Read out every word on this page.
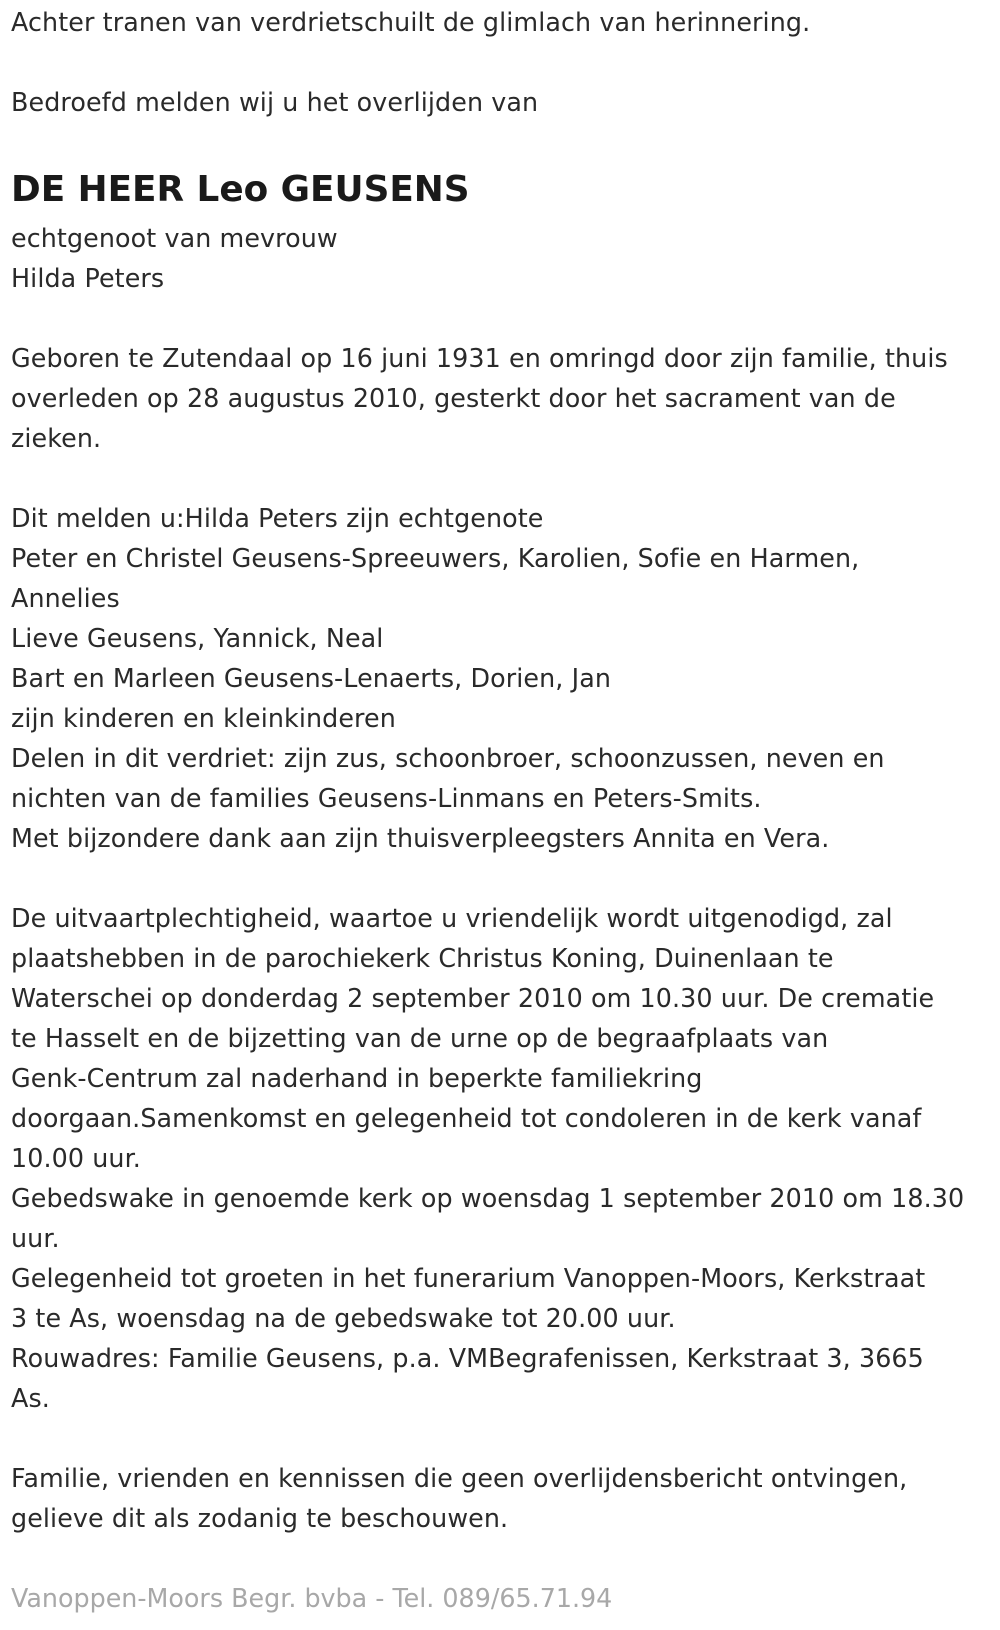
Achter tranen van verdrietschuilt de glimlach van herinnering.
Bedroefd melden wij u het overlijden van
DE HEER Leo GEUSENS
echtgenoot van mevrouw
Hilda Peters
Geboren te Zutendaal op 16 juni 1931 en omringd door zijn familie, thuis
overleden op 28 augustus 2010, gesterkt door het sacrament van de
zieken.
Dit melden u:Hilda Peters zijn echtgenote
Peter en Christel Geusens-Spreeuwers, Karolien, Sofie en Harmen,
Annelies
Lieve Geusens, Yannick, Neal
Bart en Marleen Geusens-Lenaerts, Dorien, Jan
zijn kinderen en kleinkinderen
Delen in dit verdriet: zijn zus, schoonbroer, schoonzussen, neven en
nichten van de families Geusens-Linmans en Peters-Smits.
Met bijzondere dank aan zijn thuisverpleegsters Annita en Vera.
De uitvaartplechtigheid, waartoe u vriendelijk wordt uitgenodigd, zal
plaatshebben in de parochiekerk Christus Koning, Duinenlaan te
Waterschei op donderdag 2 september 2010 om 10.30 uur. De crematie
te Hasselt en de bijzetting van de urne op de begraafplaats van
Genk-Centrum zal naderhand in beperkte familiekring
doorgaan.Samenkomst en gelegenheid tot condoleren in de kerk vanaf
10.00 uur.
Gebedswake in genoemde kerk op woensdag 1 september 2010 om 18.30
uur.
Gelegenheid tot groeten in het funerarium Vanoppen-Moors, Kerkstraat
3 te As, woensdag na de gebedswake tot 20.00 uur.
Rouwadres: Familie Geusens, p.a. VMBegrafenissen, Kerkstraat 3, 3665
As.
Familie, vrienden en kennissen die geen overlijdensbericht ontvingen,
gelieve dit als zodanig te beschouwen.
Vanoppen-Moors Begr. bvba - Tel. 089/65.71.94
